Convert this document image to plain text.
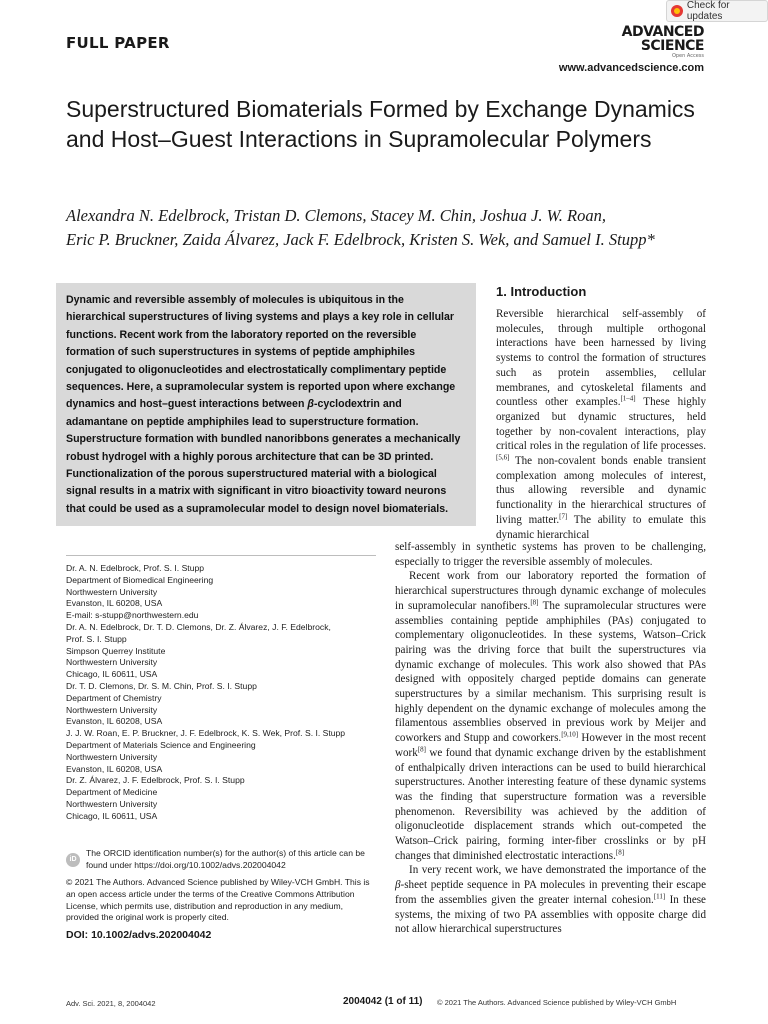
FULL PAPER
Check for updates
ADVANCED
SCIENCE
Open Access
www.advancedscience.com
Superstructured Biomaterials Formed by Exchange Dynamics and Host–Guest Interactions in Supramolecular Polymers
Alexandra N. Edelbrock, Tristan D. Clemons, Stacey M. Chin, Joshua J. W. Roan,
Eric P. Bruckner, Zaida Álvarez, Jack F. Edelbrock, Kristen S. Wek, and Samuel I. Stupp*
Dynamic and reversible assembly of molecules is ubiquitous in the hierarchical superstructures of living systems and plays a key role in cellular functions. Recent work from the laboratory reported on the reversible formation of such superstructures in systems of peptide amphiphiles conjugated to oligonucleotides and electrostatically complimentary peptide sequences. Here, a supramolecular system is reported upon where exchange dynamics and host–guest interactions between β-cyclodextrin and adamantane on peptide amphiphiles lead to superstructure formation. Superstructure formation with bundled nanoribbons generates a mechanically robust hydrogel with a highly porous architecture that can be 3D printed. Functionalization of the porous superstructured material with a biological signal results in a matrix with significant in vitro bioactivity toward neurons that could be used as a supramolecular model to design novel biomaterials.
1. Introduction

Reversible hierarchical self-assembly of molecules, through multiple orthogonal interactions have been harnessed by living systems to control the formation of structures such as protein assemblies, cellular membranes, and cytoskeletal filaments and countless other examples.[1–4] These highly organized but dynamic structures, held together by non-covalent interactions, play critical roles in the regulation of life processes.[5,6] The non-covalent bonds enable transient complexation among molecules of interest, thus allowing reversible and dynamic functionality in the hierarchical structures of living matter.[7] The ability to emulate this dynamic hierarchical

self-assembly in synthetic systems has proven to be challenging, especially to trigger the reversible assembly of molecules.

Recent work from our laboratory reported the formation of hierarchical superstructures through dynamic exchange of molecules in supramolecular nanofibers.[8] The supramolecular structures were assemblies containing peptide amphiphiles (PAs) conjugated to complementary oligonucleotides. In these systems, Watson–Crick pairing was the driving force that built the superstructures via dynamic exchange of molecules. This work also showed that PAs designed with oppositely charged peptide domains can generate superstructures by a similar mechanism. This surprising result is highly dependent on the dynamic exchange of molecules among the filamentous assemblies observed in previous work by Meijer and coworkers and Stupp and coworkers.[9,10] However in the most recent work[8] we found that dynamic exchange driven by the establishment of enthalpically driven interactions can be used to build hierarchical superstructures. Another interesting feature of these dynamic systems was the finding that superstructure formation was a reversible phenomenon. Reversibility was achieved by the addition of oligonucleotide displacement strands which out-competed the Watson–Crick pairing, forming inter-fiber crosslinks or by pH changes that diminished electrostatic interactions.[8]

In very recent work, we have demonstrated the importance of the β-sheet peptide sequence in PA molecules in preventing their escape from the assemblies given the greater internal cohesion.[11] In these systems, the mixing of two PA assemblies with opposite charge did not allow hierarchical superstructures

Dr. A. N. Edelbrock, Prof. S. I. Stupp
Department of Biomedical Engineering
Northwestern University
Evanston, IL 60208, USA
E-mail: s-stupp@northwestern.edu
Dr. A. N. Edelbrock, Dr. T. D. Clemons, Dr. Z. Álvarez, J. F. Edelbrock,
Prof. S. I. Stupp
Simpson Querrey Institute
Northwestern University
Chicago, IL 60611, USA
Dr. T. D. Clemons, Dr. S. M. Chin, Prof. S. I. Stupp
Department of Chemistry
Northwestern University
Evanston, IL 60208, USA
J. J. W. Roan, E. P. Bruckner, J. F. Edelbrock, K. S. Wek, Prof. S. I. Stupp
Department of Materials Science and Engineering
Northwestern University
Evanston, IL 60208, USA
Dr. Z. Álvarez, J. F. Edelbrock, Prof. S. I. Stupp
Department of Medicine
Northwestern University
Chicago, IL 60611, USA
iD
The ORCID identification number(s) for the author(s) of this article can be found under https://doi.org/10.1002/advs.202004042
© 2021 The Authors. Advanced Science published by Wiley-VCH GmbH. This is an open access article under the terms of the Creative Commons Attribution License, which permits use, distribution and reproduction in any medium, provided the original work is properly cited.
DOI: 10.1002/advs.202004042
Adv. Sci. 2021, 8, 2004042	2004042 (1 of 11) © 2021 The Authors. Advanced Science published by Wiley-VCH GmbH
